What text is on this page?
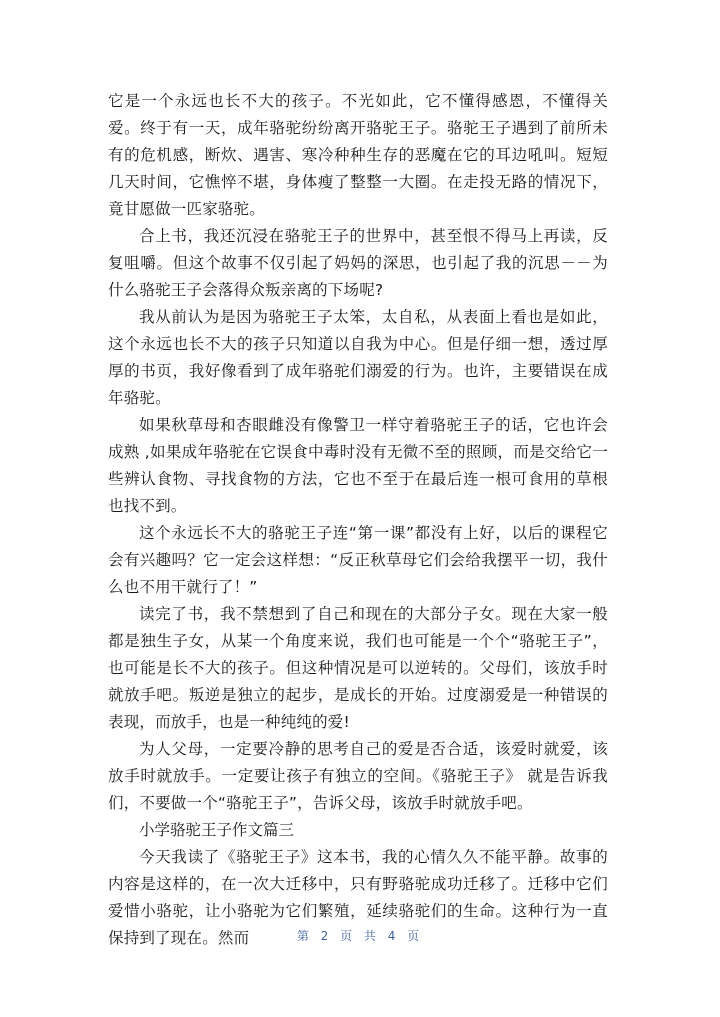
它是一个永远也长不大的孩子。不光如此，它不懂得感恩，不懂得关爱。终于有一天，成年骆驼纷纷离开骆驼王子。骆驼王子遇到了前所未有的危机感，断炊、遇害、寒冷种种生存的恶魔在它的耳边吼叫。短短几天时间，它憔悴不堪，身体瘦了整整一大圈。在走投无路的情况下，竟甘愿做一匹家骆驼。

合上书，我还沉浸在骆驼王子的世界中，甚至恨不得马上再读，反复咀嚼。但这个故事不仅引起了妈妈的深思，也引起了我的沉思－－为什么骆驼王子会落得众叛亲离的下场呢?

我从前认为是因为骆驼王子太笨，太自私，从表面上看也是如此，这个永远也长不大的孩子只知道以自我为中心。但是仔细一想，透过厚厚的书页，我好像看到了成年骆驼们溺爱的行为。也许，主要错误在成年骆驼。

如果秋草母和杏眼雌没有像警卫一样守着骆驼王子的话，它也许会成熟 ,如果成年骆驼在它误食中毒时没有无微不至的照顾，而是交给它一些辨认食物、寻找食物的方法，它也不至于在最后连一根可食用的草根也找不到。

这个永远长不大的骆驼王子连“第一课”都没有上好，以后的课程它会有兴趣吗？它一定会这样想：“反正秋草母它们会给我摆平一切，我什么也不用干就行了！”

读完了书，我不禁想到了自己和现在的大部分子女。现在大家一般都是独生子女，从某一个角度来说，我们也可能是一个个“骆驼王子”，也可能是长不大的孩子。但这种情况是可以逆转的。父母们，该放手时就放手吧。叛逆是独立的起步，是成长的开始。过度溺爱是一种错误的表现，而放手，也是一种纯纯的爱!

为人父母，一定要冷静的思考自己的爱是否合适，该爱时就爱，该放手时就放手。一定要让孩子有独立的空间。《骆驼王子》 就是告诉我们，不要做一个“骆驼王子”，告诉父母，该放手时就放手吧。

小学骆驼王子作文篇三

今天我读了《骆驼王子》这本书，我的心情久久不能平静。故事的内容是这样的，在一次大迁移中，只有野骆驼成功迁移了。迁移中它们爱惜小骆驼，让小骆驼为它们繁殖，延续骆驼们的生命。这种行为一直保持到了现在。然而	第 2 页 共 4 页
